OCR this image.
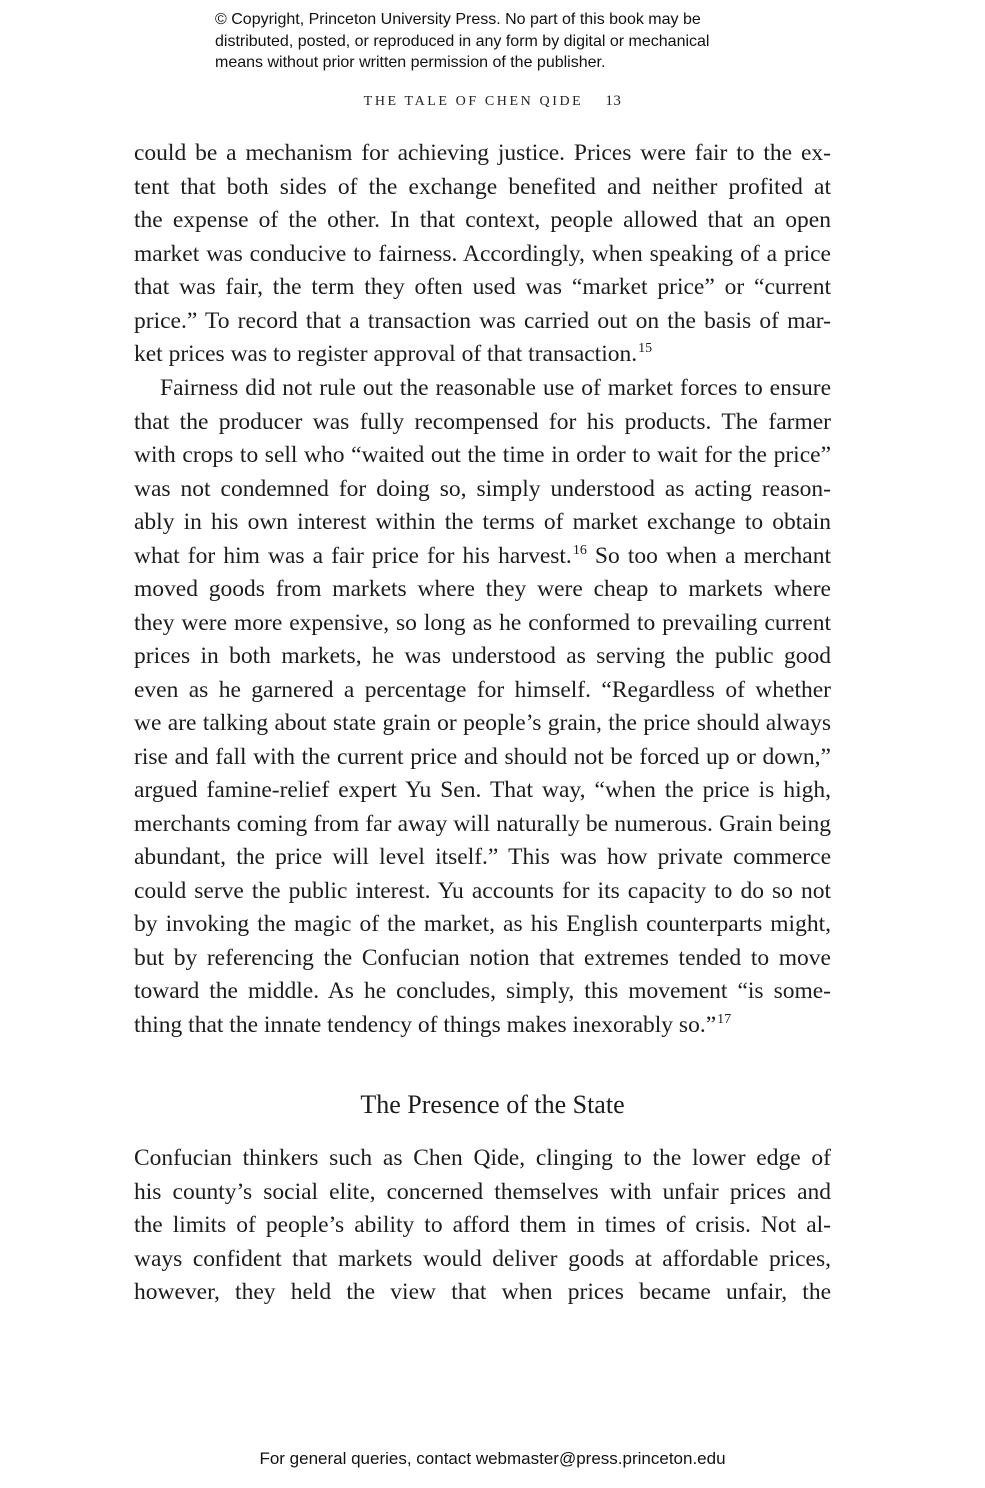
© Copyright, Princeton University Press. No part of this book may be
distributed, posted, or reproduced in any form by digital or mechanical
means without prior written permission of the publisher.
THE TALE OF CHEN QIDE 13
could be a mechanism for achieving justice. Prices were fair to the ex-
tent that both sides of the exchange benefited and neither profited at
the expense of the other. In that context, people allowed that an open
market was conducive to fairness. Accordingly, when speaking of a price
that was fair, the term they often used was “market price” or “current
price.” To record that a transaction was carried out on the basis of mar-
ket prices was to register approval of that transaction.$^{15}$
Fairness did not rule out the reasonable use of market forces to ensure
that the producer was fully recompensed for his products. The farmer
with crops to sell who “waited out the time in order to wait for the price”
was not condemned for doing so, simply understood as acting reason-
ably in his own interest within the terms of market exchange to obtain
what for him was a fair price for his harvest.$^{16}$ So too when a merchant
moved goods from markets where they were cheap to markets where
they were more expensive, so long as he conformed to prevailing current
prices in both markets, he was understood as serving the public good
even as he garnered a percentage for himself. “Regardless of whether
we are talking about state grain or people’s grain, the price should always
rise and fall with the current price and should not be forced up or down,”
argued famine-relief expert Yu Sen. That way, “when the price is high,
merchants coming from far away will naturally be numerous. Grain being
abundant, the price will level itself.” This was how private commerce
could serve the public interest. Yu accounts for its capacity to do so not
by invoking the magic of the market, as his English counterparts might,
but by referencing the Confucian notion that extremes tended to move
toward the middle. As he concludes, simply, this movement “is some-
thing that the innate tendency of things makes inexorably so.”$^{17}$
The Presence of the State
Confucian thinkers such as Chen Qide, clinging to the lower edge of
his county’s social elite, concerned themselves with unfair prices and
the limits of people’s ability to afford them in times of crisis. Not al-
ways confident that markets would deliver goods at affordable prices,
however, they held the view that when prices became unfair, the
For general queries, contact webmaster@press.princeton.edu
